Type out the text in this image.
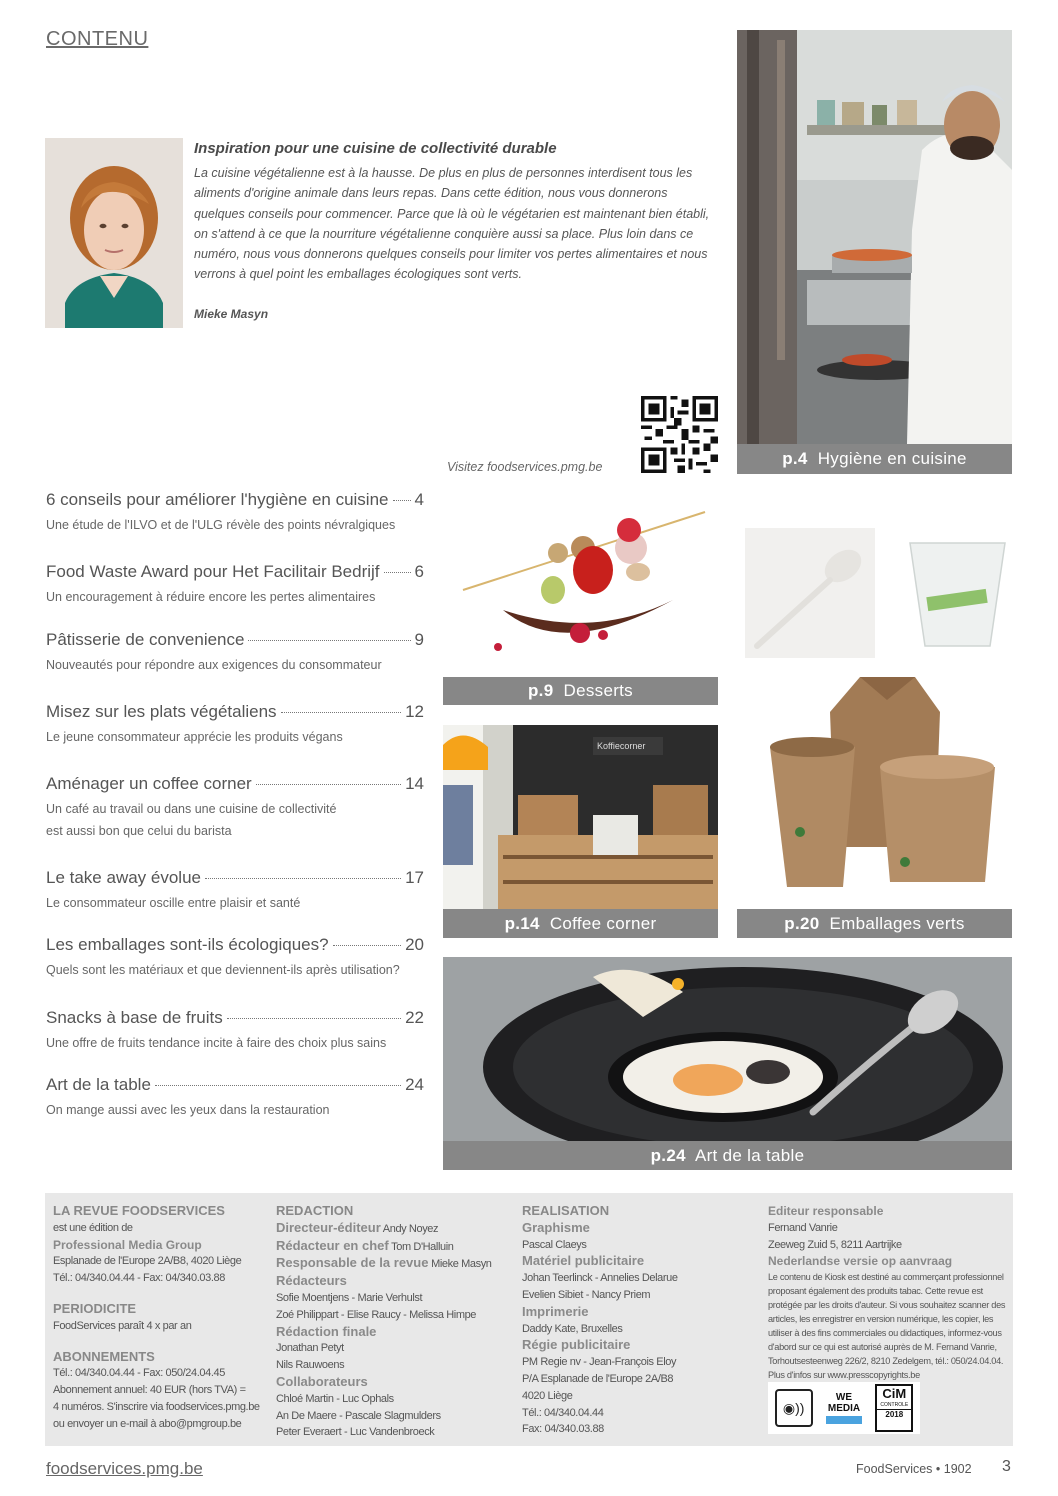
CONTENU

Inspiration pour une cuisine de collectivité durable

La cuisine végétalienne est à la hausse. De plus en plus de personnes interdisent tous les aliments d'origine animale dans leurs repas. Dans cette édition, nous vous donnerons quelques conseils pour commencer. Parce que là où le végétarien est maintenant bien établi, on s'attend à ce que la nourriture végétalienne conquière aussi sa place. Plus loin dans ce numéro, nous vous donnerons quelques conseils pour limiter vos pertes alimentaires et nous verrons à quel point les emballages écologiques sont verts.

Mieke Masyn
Visitez foodservices.pmg.be	p.4 Hygiène en cuisine
6 conseils pour améliorer l'hygiène en cuisine 4
Une étude de l'ILVO et de l'ULG révèle des points névralgiques
Food Waste Award pour Het Facilitair Bedrijf 6
Un encouragement à réduire encore les pertes alimentaires
Pâtisserie de convenience	9
Nouveautés pour répondre aux exigences du consommateur
Misez sur les plats végétaliens	12
Le jeune consommateur apprécie les produits végans
Aménager un coffee corner	14
Un café au travail ou dans une cuisine de collectivité
est aussi bon que celui du barista
Le take away évolue	17
Le consommateur oscille entre plaisir et santé
Les emballages sont-ils écologiques?	20
Quels sont les matériaux et que deviennent-ils après utilisation?
Snacks à base de fruits	22
Une offre de fruits tendance incite à faire des choix plus sains
Art de la table	24
On mange aussi avec les yeux dans la restauration
p.9 Desserts
Koffiecorner
p.14 Coffee corner	p.20 Emballages verts
p.24 Art de la table
LA REVUE FOODSERVICES
est une édition de
Professional Media Group
Esplanade de l'Europe 2A/B8, 4020 Liège
Tél.: 04/340.04.44 - Fax: 04/340.03.88
PERIODICITE
FoodServices paraît 4 x par an
ABONNEMENTS
Tél.: 04/340.04.44 - Fax: 050/24.04.45
Abonnement annuel: 40 EUR (hors TVA) =
4 numéros. S'inscrire via foodservices.pmg.be
ou envoyer un e-mail à abo@pmgroup.be
REDACTION
Directeur-éditeur Andy Noyez
Rédacteur en chef Tom D'Halluin
Responsable de la revue Mieke Masyn
Rédacteurs
Sofie Moentjens - Marie Verhulst
Zoé Philippart - Elise Raucy - Melissa Himpe
Rédaction finale
Jonathan Petyt
Nils Rauwoens
Collaborateurs
Chloé Martin - Luc Ophals
An De Maere - Pascale Slagmulders
Peter Everaert - Luc Vandenbroeck
REALISATION
Graphisme
Pascal Claeys
Matériel publicitaire
Johan Teerlinck - Annelies Delarue
Evelien Sibiet - Nancy Priem
Imprimerie
Daddy Kate, Bruxelles
Régie publicitaire
PM Regie nv - Jean-François Eloy
P/A Esplanade de l'Europe 2A/B8
4020 Liège
Tél.: 04/340.04.44
Fax: 04/340.03.88
Editeur responsable
Fernand Vanrie
Zeeweg Zuid 5, 8211 Aartrijke
Nederlandse versie op aanvraag
Le contenu de Kiosk est destiné au commerçant professionnel proposant également des produits tabac. Cette revue est protégée par les droits d'auteur. Si vous souhaitez scanner des articles, les enregistrer en version numérique, les copier, les utiliser à des fins commerciales ou didactiques, informez-vous d'abord sur ce qui est autorisé auprès de M. Fernand Vanrie, Torhoutsesteenweg 226/2, 8210 Zedelgem, tél.: 050/24.04.04. Plus d'infos sur www.presscopyrights.be
◉))
WE
MEDIA
CiM
CONTROLE
2018
foodservices.pmg.be	FoodServices • 1902 3
